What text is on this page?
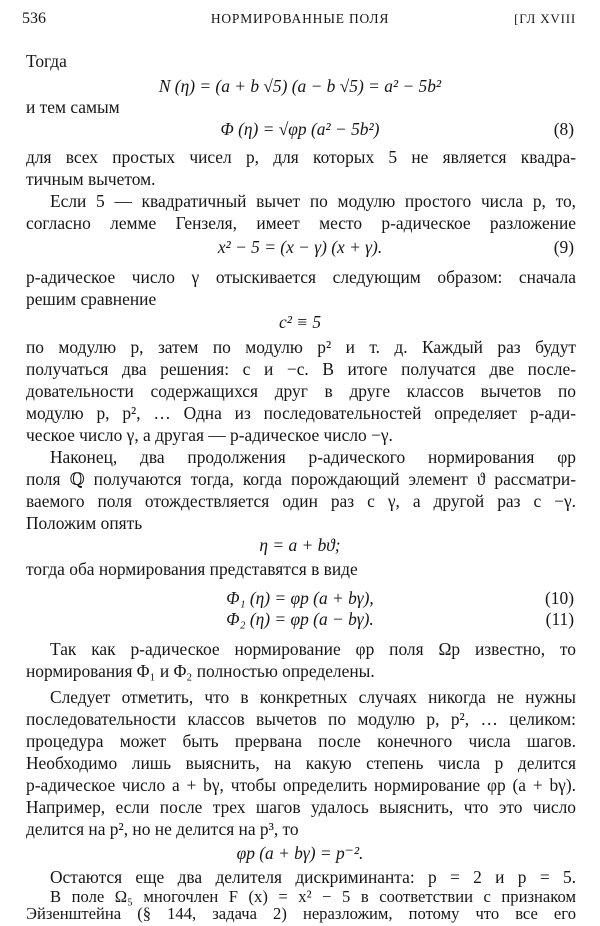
536	НОРМИРОВАННЫЕ ПОЛЯ	[ГЛ XVIII
Тогда
N (η) = (a + b √5) (a − b √5) = a² − 5b²
и тем самым
Φ (η) = √φp (a² − 5b²)	(8)
для всех простых чисел p, для которых 5 не является квадра-
тичным вычетом.
Если 5 — квадратичный вычет по модулю простого числа p, то,
согласно лемме Гензеля, имеет место p-адическое разложение
x² − 5 = (x − γ) (x + γ).	(9)
p-адическое число γ отыскивается следующим образом: сначала
решим сравнение
c² ≡ 5
по модулю p, затем по модулю p² и т. д. Каждый раз будут
получаться два решения: c и −c. В итоге получатся две после-
довательности содержащихся друг в друге классов вычетов по
модулю p, p², … Одна из последовательностей определяет p-ади-
ческое число γ, а другая — p-адическое число −γ.
Наконец, два продолжения p-адического нормирования φp
поля ℚ получаются тогда, когда порождающий элемент ϑ рассматри-
ваемого поля отождествляется один раз с γ, а другой раз с −γ.
Положим опять
η = a + bϑ;
тогда оба нормирования представятся в виде
Φ₁ (η) = φp (a + bγ),	(10)
Φ₂ (η) = φp (a − bγ).	(11)
Так как p-адическое нормирование φp поля Ωp известно, то
нормирования Φ₁ и Φ₂ полностью определены.
Следует отметить, что в конкретных случаях никогда не нужны
последовательности классов вычетов по модулю p, p², … целиком:
процедура может быть прервана после конечного числа шагов.
Необходимо лишь выяснить, на какую степень числа p делится
p-адическое число a + bγ, чтобы определить нормирование φp (a + bγ).
Например, если после трех шагов удалось выяснить, что это число
делится на p², но не делится на p³, то
φp (a + bγ) = p⁻².
Остаются еще два делителя дискриминанта: p = 2 и p = 5.
В поле Ω₅ многочлен F (x) = x² − 5 в соответствии с признаком
Эйзенштейна (§ 144, задача 2) неразложим, потому что все его
